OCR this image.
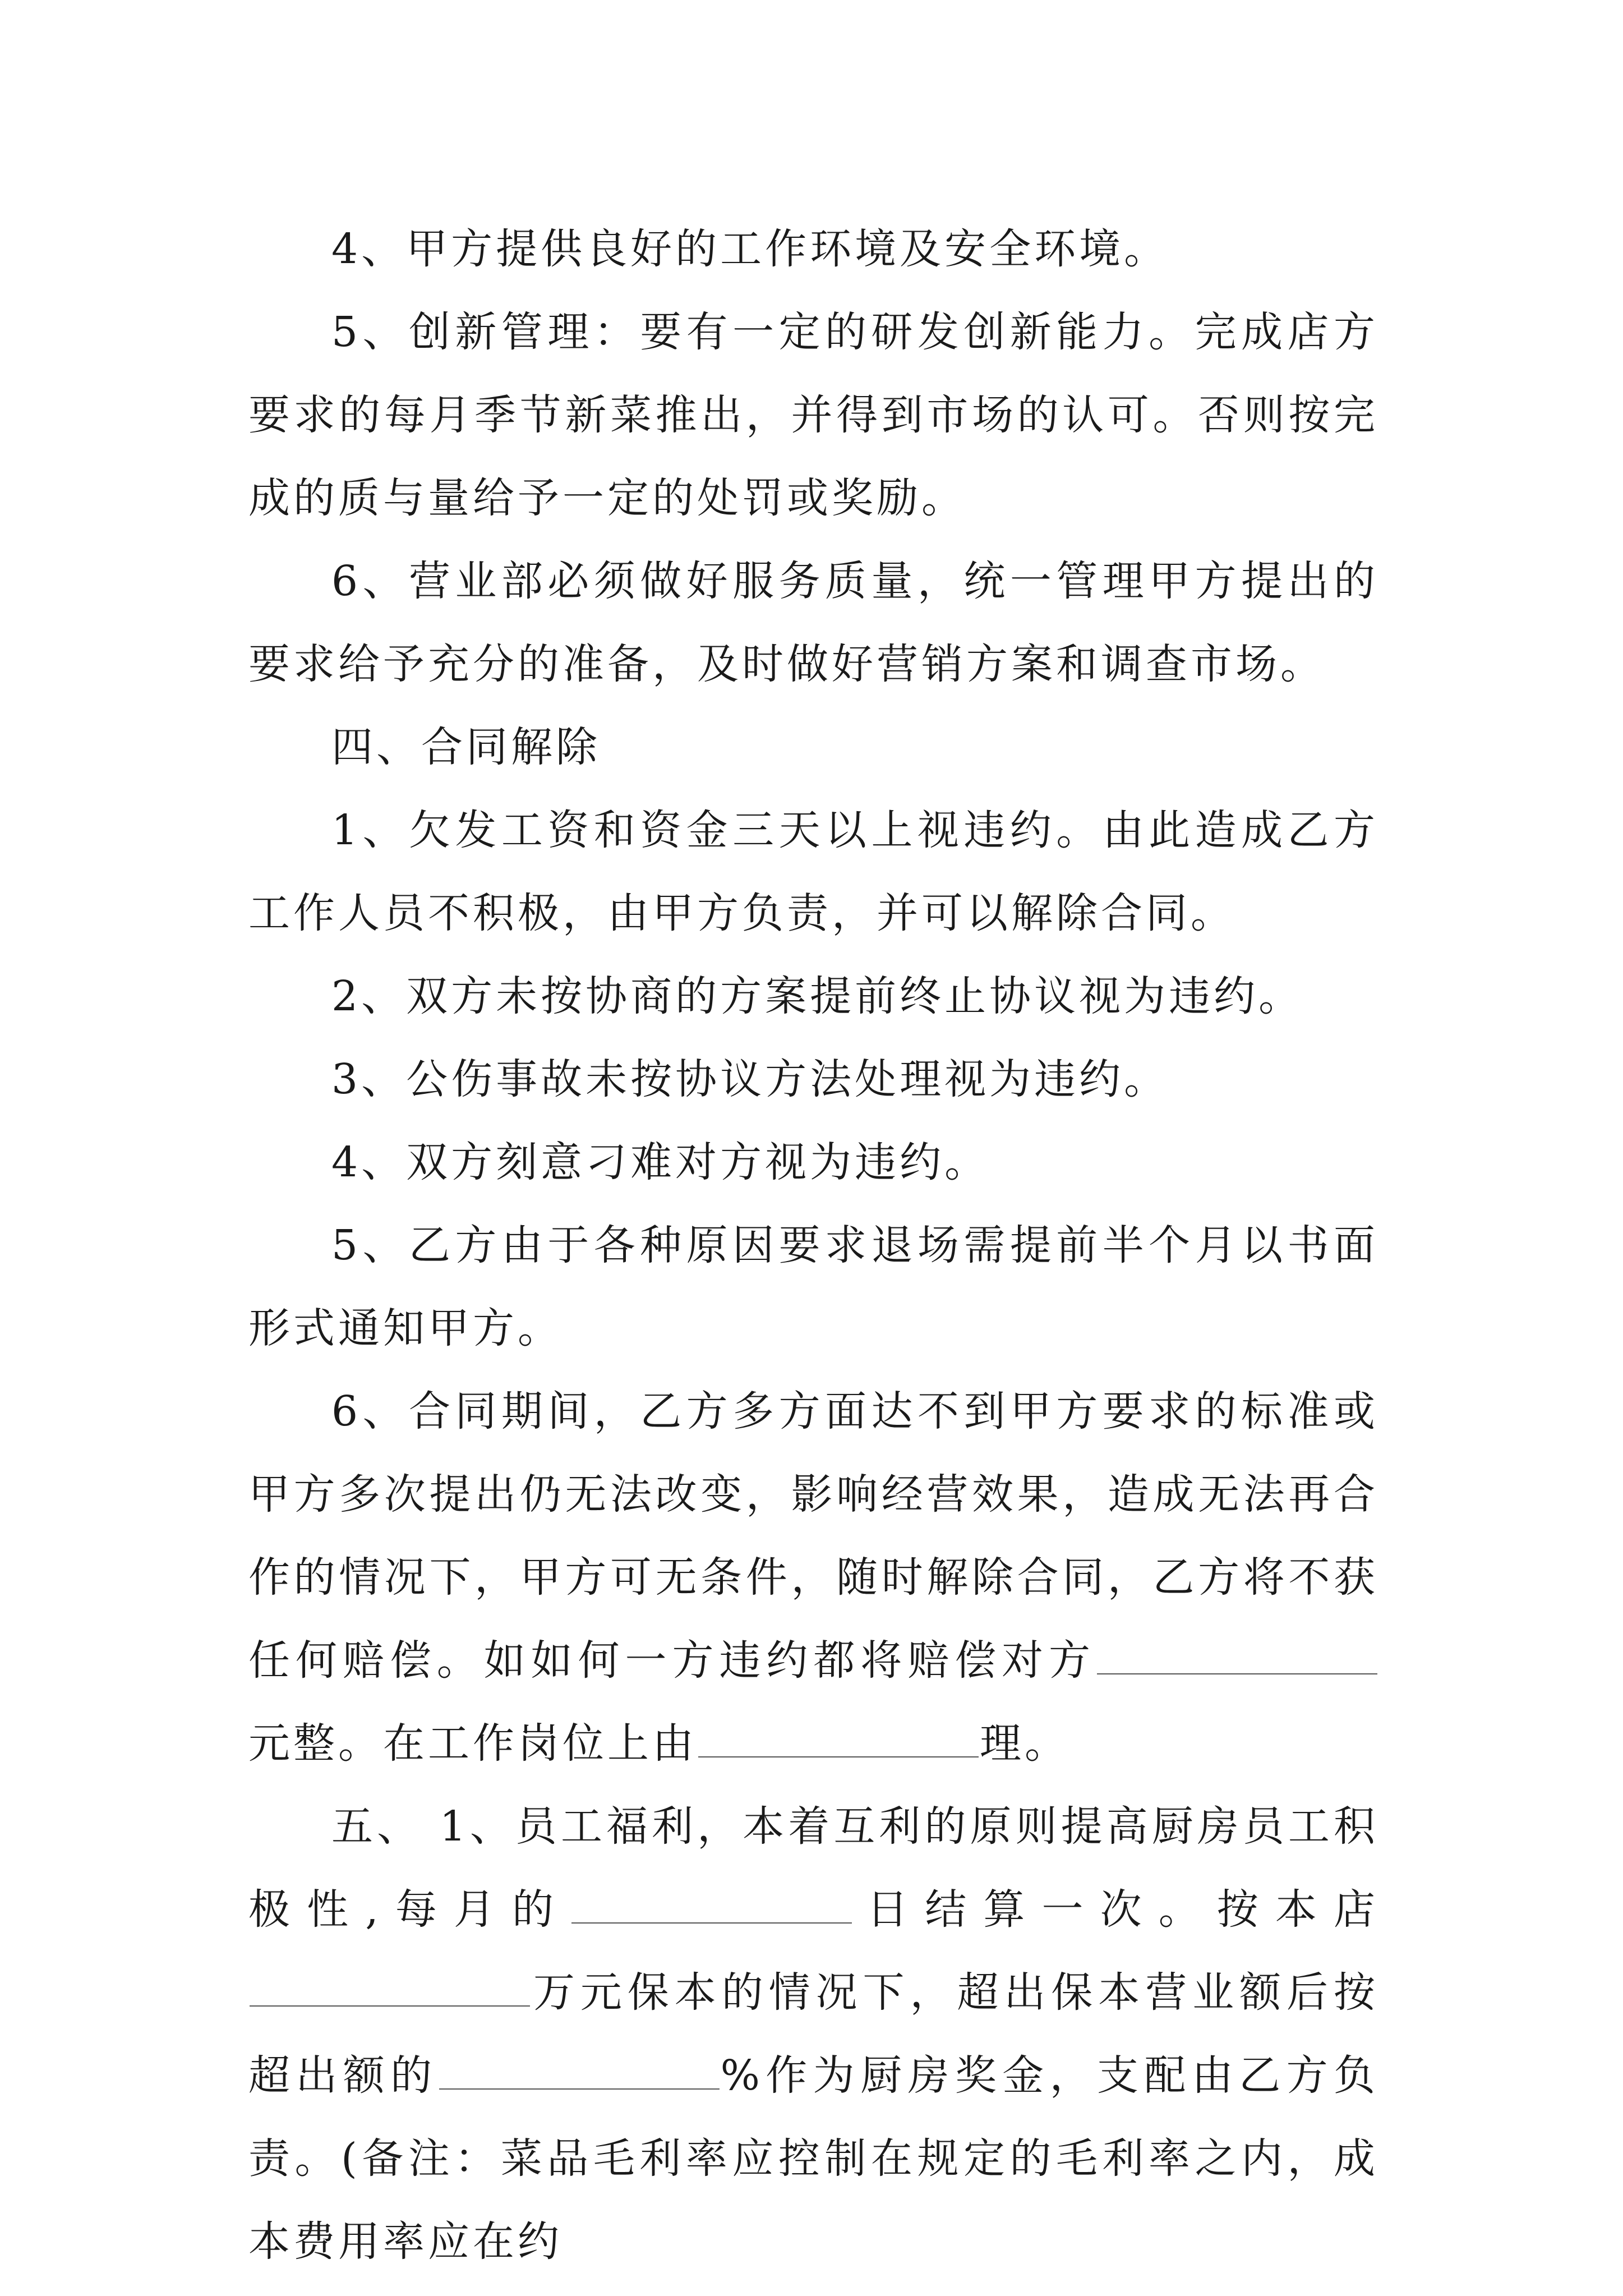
4、甲方提供良好的工作环境及安全环境。

5、创新管理：要有一定的研发创新能力。完成店方要求的每月季节新菜推出，并得到市场的认可。否则按完成的质与量给予一定的处罚或奖励。

6、营业部必须做好服务质量，统一管理甲方提出的要求给予充分的准备，及时做好营销方案和调查市场。

四、合同解除

1、欠发工资和资金三天以上视违约。由此造成乙方工作人员不积极，由甲方负责，并可以解除合同。

2、双方未按协商的方案提前终止协议视为违约。

3、公伤事故未按协议方法处理视为违约。

4、双方刻意刁难对方视为违约。

5、乙方由于各种原因要求退场需提前半个月以书面形式通知甲方。

6、合同期间，乙方多方面达不到甲方要求的标准或甲方多次提出仍无法改变，影响经营效果，造成无法再合作的情况下，甲方可无条件，随时解除合同，乙方将不获任何赔偿。如如何一方违约都将赔偿对方元整。在工作岗位上由	理。

五、 1、员工福利，本着互利的原则提高厨房员工积极性,每月的	日结算一次。按本店万元保本的情况下，超出保本营业额后按超出额的	%作为厨房奖金，支配由乙方负责。(备注：菜品毛利率应控制在规定的毛利率之内，成本费用率应在约
